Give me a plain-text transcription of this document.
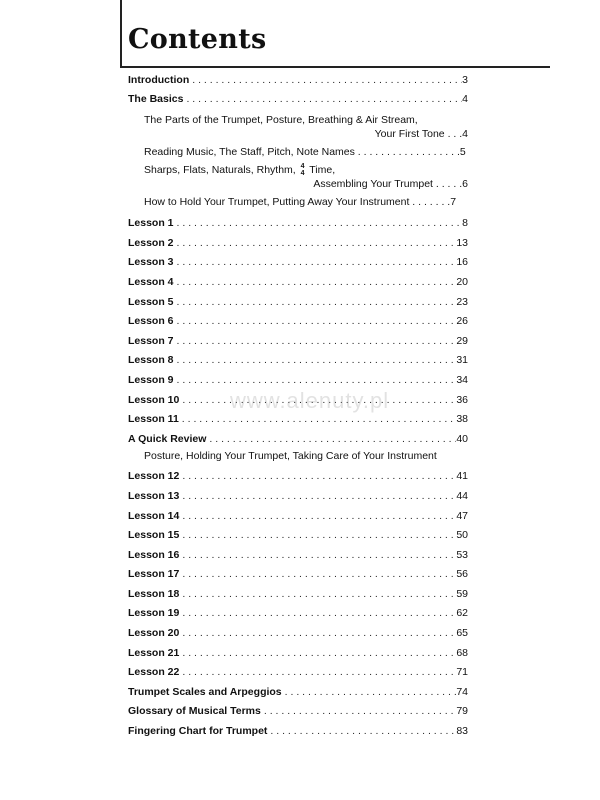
Contents
Introduction . . .	3
The Basics . . .	4
The Parts of the Trumpet, Posture, Breathing & Air Stream,
Your First Tone . . .4
Reading Music, The Staff, Pitch, Note Names . . . . . . . . . . . . . . . . . .5
Sharps, Flats, Naturals, Rhythm, 4
4 Time,
Assembling Your Trumpet . . . . .6
How to Hold Your Trumpet, Putting Away Your Instrument . . . . . . .7
Lesson 1 . . .	8
Lesson 2 . . .	13
Lesson 3 . . .	16
Lesson 4 . . .	20
Lesson 5 . . .	23
Lesson 6 . . .	26
Lesson 7 . . .	29
Lesson 8 . . .	31
Lesson 9 . . .	34
Lesson 10 . . .	36
Lesson 11 . . .	38
A Quick Review . . .	40
Posture, Holding Your Trumpet, Taking Care of Your Instrument
Lesson 12 . . .	41
Lesson 13 . . .	44
Lesson 14 . . .	47
Lesson 15 . . .	50
Lesson 16 . . .	53
Lesson 17 . . .	56
Lesson 18 . . .	59
Lesson 19 . . .	62
Lesson 20 . . .	65
Lesson 21 . . .	68
Lesson 22 . . .	71
Trumpet Scales and Arpeggios . . .	74
Glossary of Musical Terms . . .	79
Fingering Chart for Trumpet . . .	83
www.alenuty.pl
